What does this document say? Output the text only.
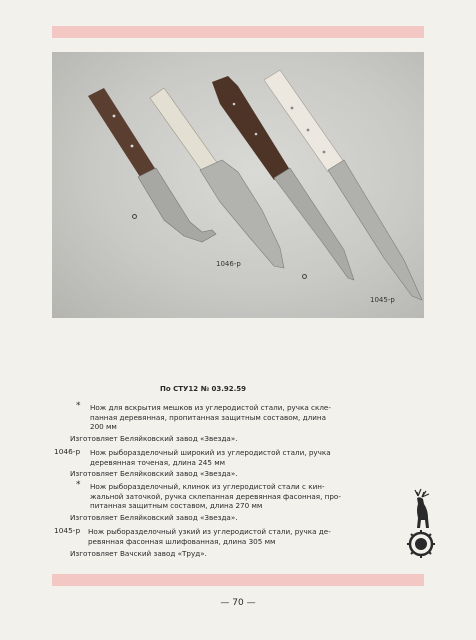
1046-р
1045-р
По СТУ12 № 03.92.59
* Нож для вскрытия мешков из углеродистой стали, ручка скле-
панная деревянная, пропитанная защитным составом, длина
200 мм
Изготовляет Беляйковский завод «Звезда».
1046-р Нож рыборазделочный широкий из углеродистой стали, ручка
деревянная точеная, длина 245 мм
Изготовляет Беляйковский завод «Звезда».
* Нож рыборазделочный, клинок из углеродистой стали с кин-
жальной заточкой, ручка склепанная деревянная фасонная, про-
питанная защитным составом, длина 270 мм
Изготовляет Беляйковский завод «Звезда».
1045-р Нож рыборазделочный узкий из углеродистой стали, ручка де-
ревянная фасонная шлифованная, длина 305 мм
Изготовляет Вачский завод «Труд».
— 70 —
